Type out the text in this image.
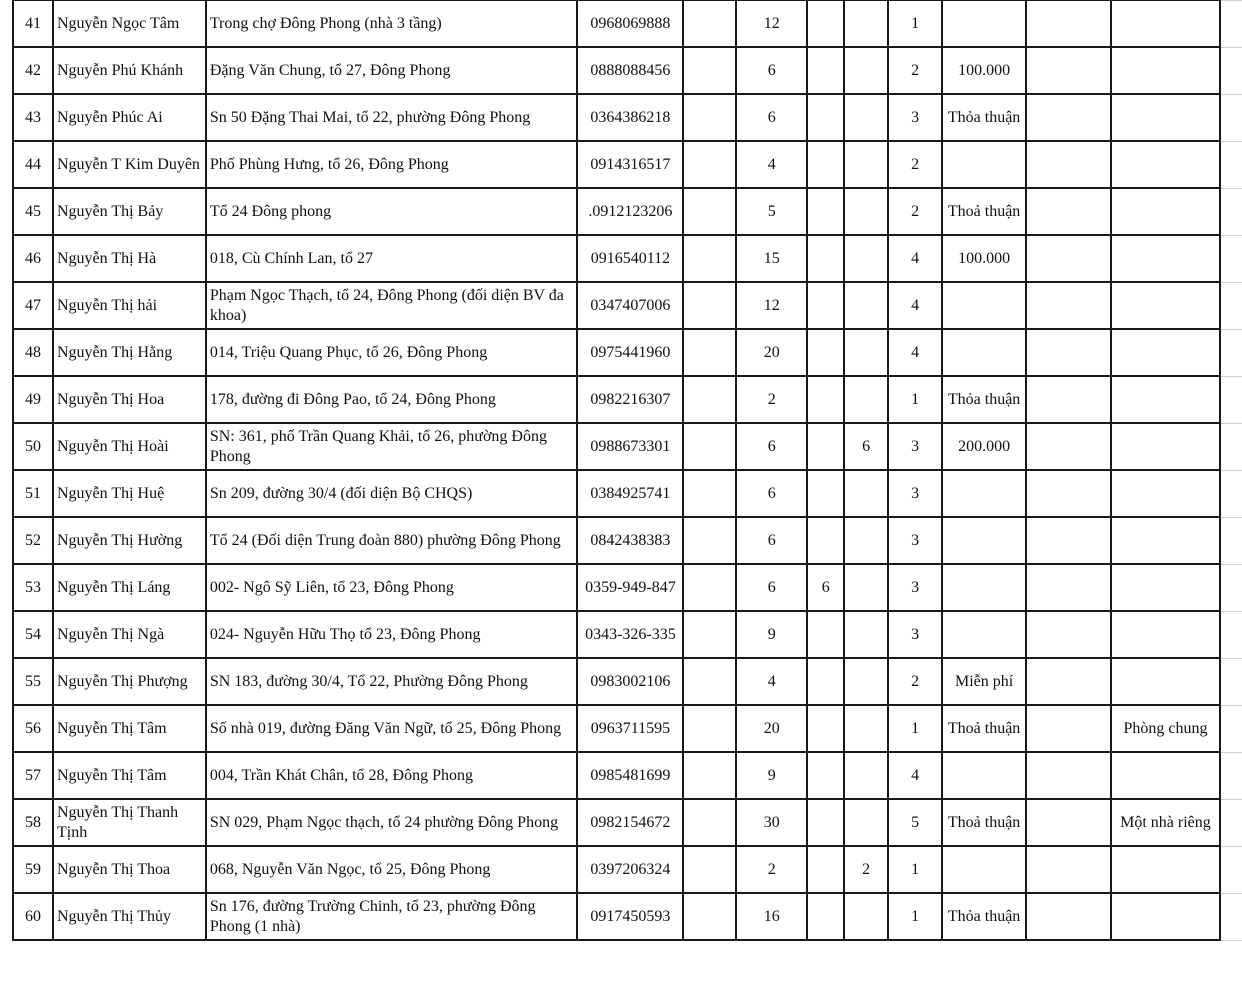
41	Nguyễn Ngọc Tâm	Trong chợ Đông Phong (nhà 3 tầng)	0968069888		12			1				
42	Nguyễn Phú Khánh	Đặng Văn Chung, tổ 27, Đông Phong	0888088456		6			2	100.000			
43	Nguyễn Phúc Ai	Sn 50 Đặng Thai Mai, tổ 22, phường Đông Phong	0364386218		6			3	Thỏa thuận			
44	Nguyễn T Kim Duyên	Phố Phùng Hưng, tổ 26, Đông Phong	0914316517		4			2				
45	Nguyễn Thị Bảy	Tổ 24 Đông phong	.0912123206		5			2	Thoả thuận			
46	Nguyễn Thị Hà	018, Cù Chính Lan, tổ 27	0916540112		15			4	100.000			
47	Nguyễn Thị hải	Phạm Ngọc Thạch, tổ 24, Đông Phong (đối diện BV đa khoa)	0347407006		12			4				
48	Nguyễn Thị Hằng	014, Triệu Quang Phục, tổ 26, Đông Phong	0975441960		20			4				
49	Nguyễn Thị Hoa	178, đường đi Đông Pao, tổ 24, Đông Phong	0982216307		2			1	Thỏa thuận			
50	Nguyễn Thị Hoài	SN: 361, phố Trần Quang Khải, tổ 26, phường Đông Phong	0988673301		6		6	3	200.000			
51	Nguyễn Thị Huệ	Sn 209, đường 30/4 (đối diện Bộ CHQS)	0384925741		6			3				
52	Nguyễn Thị Hường	Tổ 24 (Đối diện Trung đoàn 880) phường Đông Phong	0842438383		6			3				
53	Nguyễn Thị Láng	002- Ngô Sỹ Liên, tổ 23, Đông Phong	0359-949-847		6	6		3				
54	Nguyễn Thị Ngà	024- Nguyễn Hữu Thọ tổ 23, Đông Phong	0343-326-335		9			3				
55	Nguyễn Thị Phượng	SN 183, đường 30/4, Tổ 22, Phường Đông Phong	0983002106		4			2	Miễn phí			
56	Nguyễn Thị Tâm	Số nhà 019, đường Đăng Văn Ngữ, tổ 25, Đông Phong	0963711595		20			1	Thoả thuận		Phòng chung	
57	Nguyễn Thị Tâm	004, Trần Khát Chân, tổ 28, Đông Phong	0985481699		9			4				
58	Nguyễn Thị Thanh Tịnh	SN 029, Phạm Ngọc thạch, tổ 24 phường Đông Phong	0982154672		30			5	Thoả thuận		Một nhà riêng	
59	Nguyễn Thị Thoa	068, Nguyễn Văn Ngọc, tổ 25, Đông Phong	0397206324		2		2	1				
60	Nguyễn Thị Thủy	Sn 176, đường Trường Chinh, tổ 23, phường Đông Phong (1 nhà)	0917450593		16			1	Thỏa thuận			
